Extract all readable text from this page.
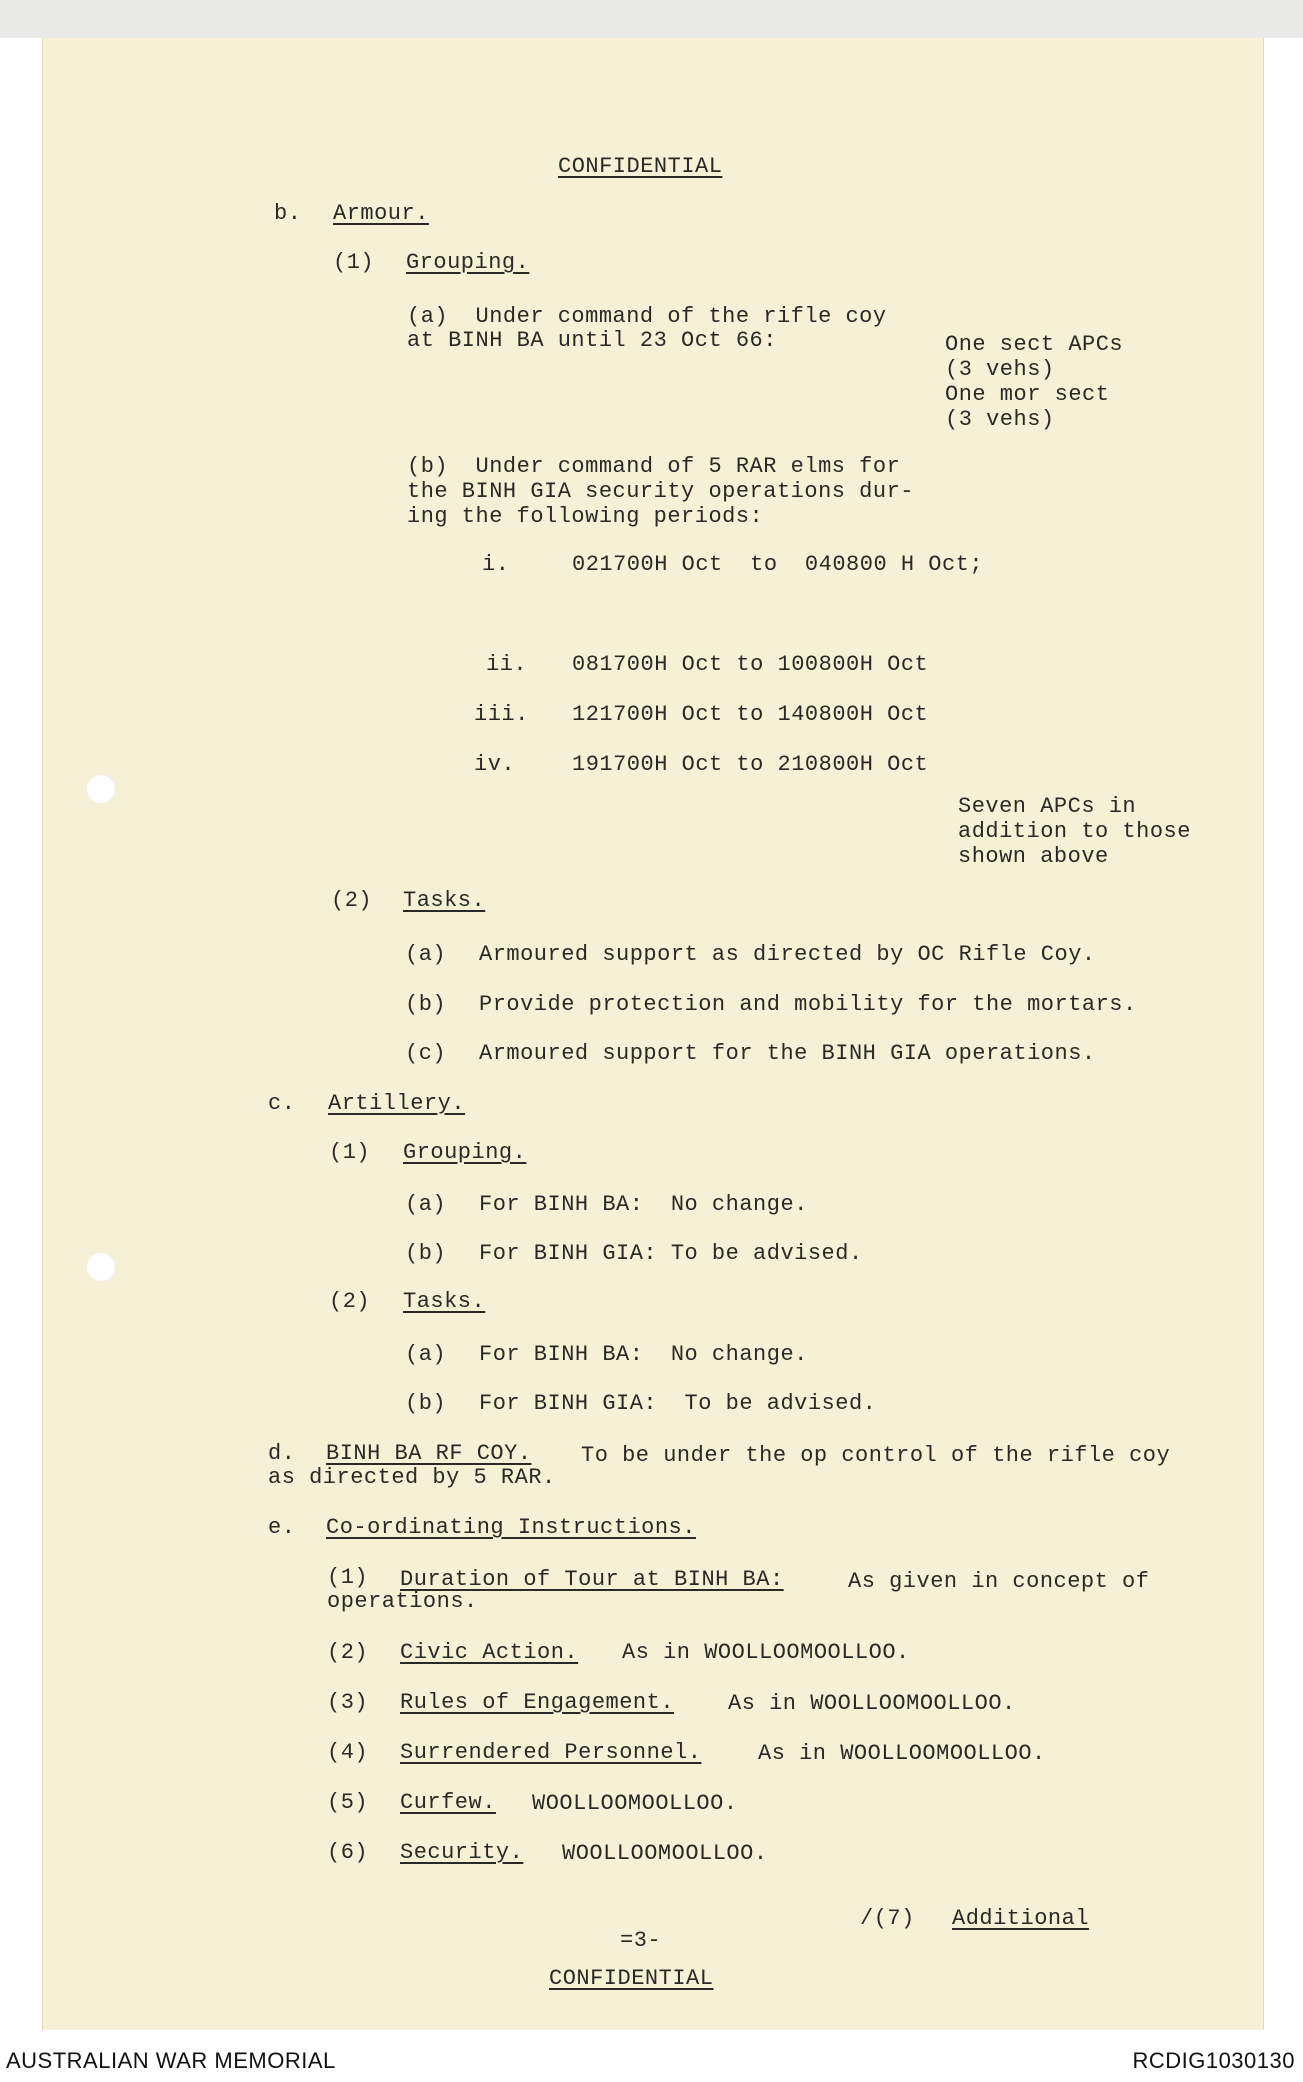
CONFIDENTIAL
b. Armour.
(1) Grouping.
(a)  Under command of the rifle coy
at BINH BA until 23 Oct 66:	One sect APCs
(3 vehs)
One mor sect
(3 vehs)
(b)  Under command of 5 RAR elms for
the BINH GIA security operations dur-
ing the following periods:
i.	021700H Oct  to  040800 H Oct;
ii. 081700H Oct to 100800H Oct
iii. 121700H Oct to 140800H Oct
iv.	191700H Oct to 210800H Oct
Seven APCs in
addition to those
shown above
(2) Tasks.
(a) Armoured support as directed by OC Rifle Coy.
(b) Provide protection and mobility for the mortars.
(c) Armoured support for the BINH GIA operations.
c. Artillery.
(1) Grouping.
(a) For BINH BA:  No change.
(b) For BINH GIA: To be advised.
(2) Tasks.
(a) For BINH BA:  No change.
(b) For BINH GIA:  To be advised.
d. BINH BA RF COY. To be under the op control of the rifle coy
as directed by 5 RAR.
e. Co-ordinating Instructions.
(1) Duration of Tour at BINH BA:	As given in concept of
operations.
(2) Civic Action. As in WOOLLOOMOOLLOO.
(3) Rules of Engagement. As in WOOLLOOMOOLLOO.
(4) Surrendered Personnel.	As in WOOLLOOMOOLLOO.
(5) Curfew. WOOLLOOMOOLLOO.
(6) Security. WOOLLOOMOOLLOO.
/(7) Additional
=3-
CONFIDENTIAL
AUSTRALIAN WAR MEMORIAL	RCDIG1030130
